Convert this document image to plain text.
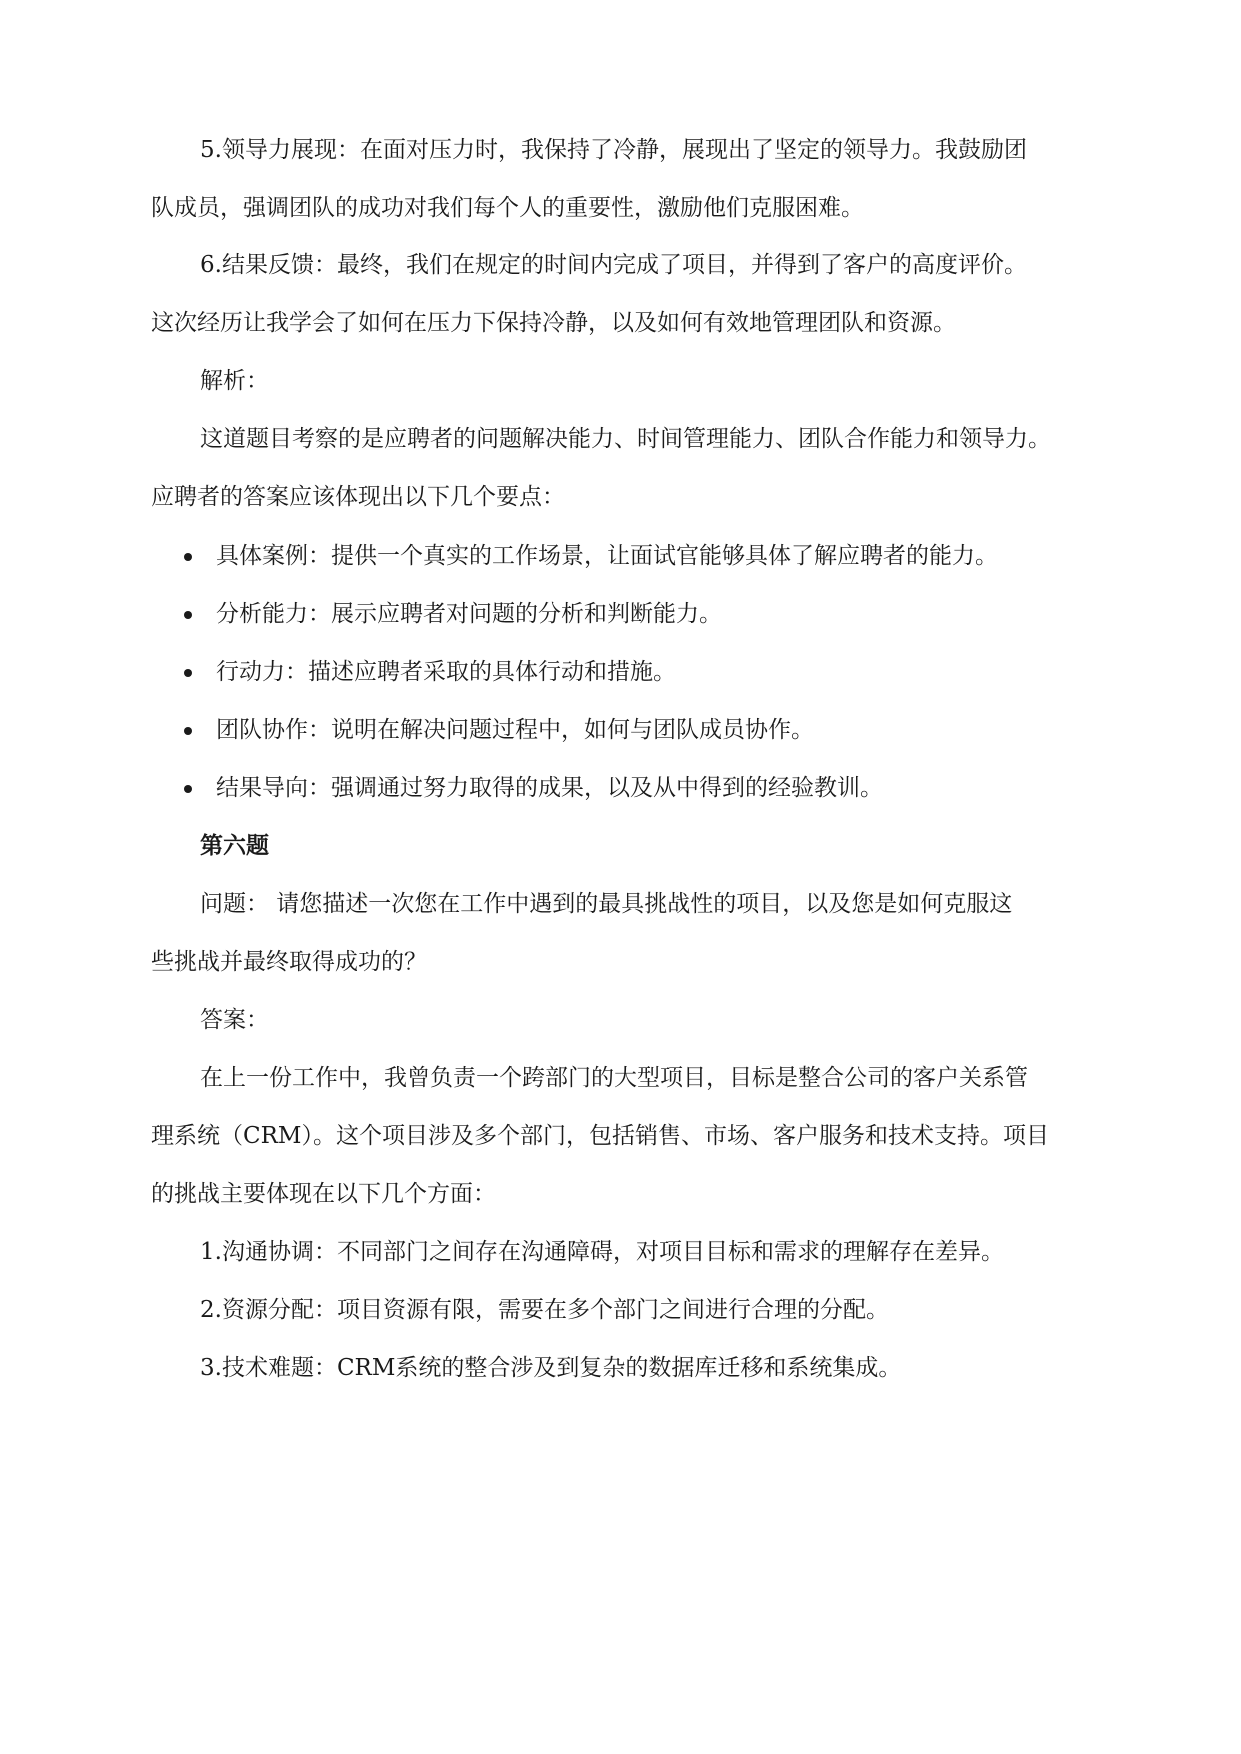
5.领导力展现：在面对压力时，我保持了冷静，展现出了坚定的领导力。我鼓励团
队成员，强调团队的成功对我们每个人的重要性，激励他们克服困难。
6.结果反馈：最终，我们在规定的时间内完成了项目，并得到了客户的高度评价。
这次经历让我学会了如何在压力下保持冷静，以及如何有效地管理团队和资源。
解析：
这道题目考察的是应聘者的问题解决能力、时间管理能力、团队合作能力和领导力。
应聘者的答案应该体现出以下几个要点：
具体案例：提供一个真实的工作场景，让面试官能够具体了解应聘者的能力。
分析能力：展示应聘者对问题的分析和判断能力。
行动力：描述应聘者采取的具体行动和措施。
团队协作：说明在解决问题过程中，如何与团队成员协作。
结果导向：强调通过努力取得的成果，以及从中得到的经验教训。
第六题
问题： 请您描述一次您在工作中遇到的最具挑战性的项目，以及您是如何克服这
些挑战并最终取得成功的？
答案：
在上一份工作中，我曾负责一个跨部门的大型项目，目标是整合公司的客户关系管
理系统（CRM）。这个项目涉及多个部门，包括销售、市场、客户服务和技术支持。项目
的挑战主要体现在以下几个方面：
1.沟通协调：不同部门之间存在沟通障碍，对项目目标和需求的理解存在差异。
2.资源分配：项目资源有限，需要在多个部门之间进行合理的分配。
3.技术难题：CRM系统的整合涉及到复杂的数据库迁移和系统集成。
